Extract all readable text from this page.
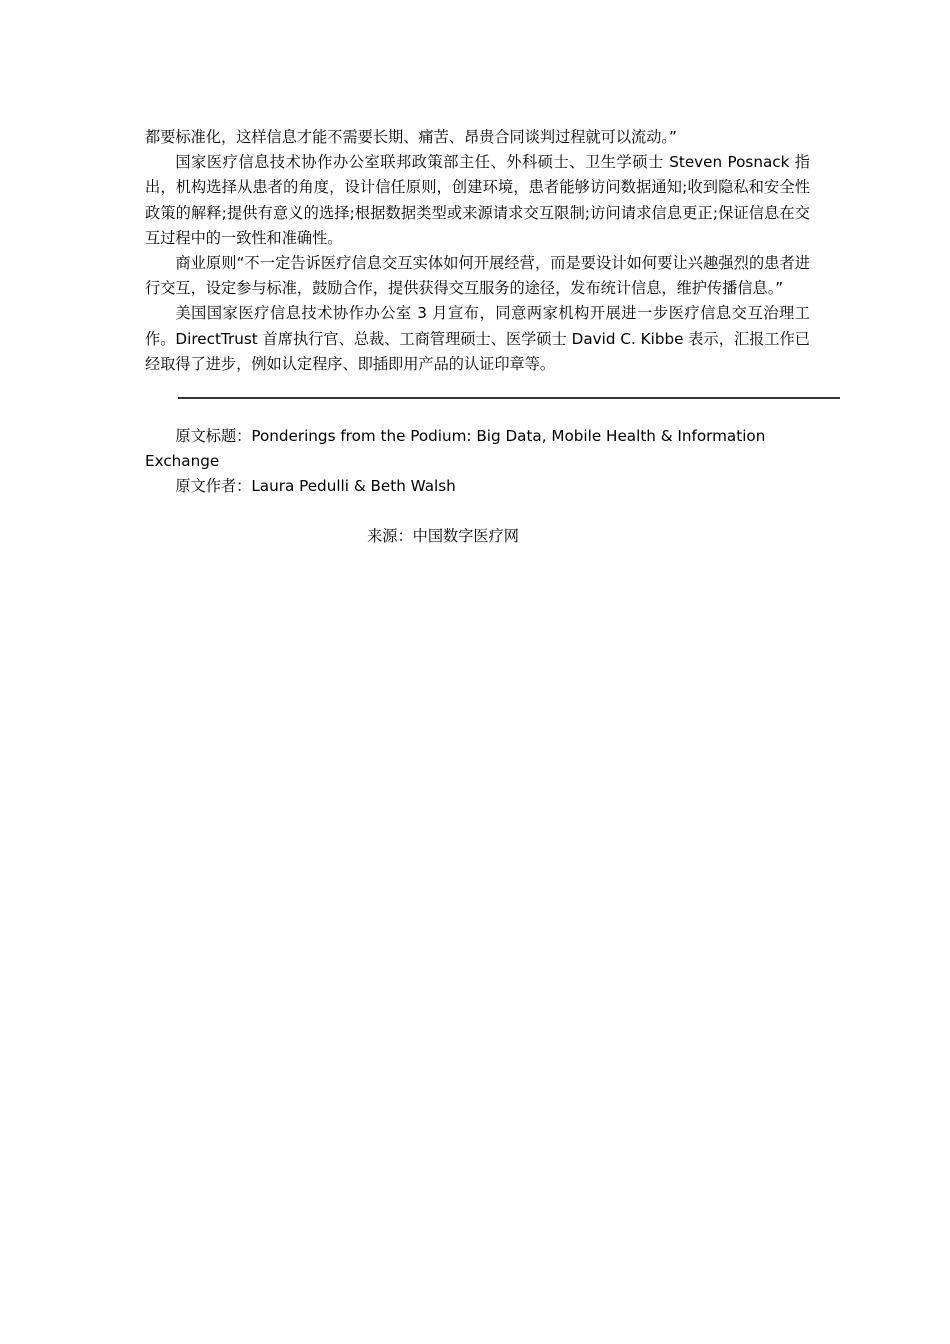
都要标准化，这样信息才能不需要长期、痛苦、昂贵合同谈判过程就可以流动。”

国家医疗信息技术协作办公室联邦政策部主任、外科硕士、卫生学硕士 Steven Posnack 指出，机构选择从患者的角度，设计信任原则，创建环境，患者能够访问数据通知;收到隐私和安全性政策的解释;提供有意义的选择;根据数据类型或来源请求交互限制;访问请求信息更正;保证信息在交互过程中的一致性和准确性。

商业原则“不一定告诉医疗信息交互实体如何开展经营，而是要设计如何要让兴趣强烈的患者进行交互，设定参与标准，鼓励合作，提供获得交互服务的途径，发布统计信息，维护传播信息。”

美国国家医疗信息技术协作办公室 3 月宣布，同意两家机构开展进一步医疗信息交互治理工作。DirectTrust 首席执行官、总裁、工商管理硕士、医学硕士 David C. Kibbe 表示，汇报工作已经取得了进步，例如认定程序、即插即用产品的认证印章等。

原文标题：Ponderings from the Podium: Big Data, Mobile Health & Information Exchange

原文作者：Laura Pedulli & Beth Walsh

来源：中国数字医疗网
